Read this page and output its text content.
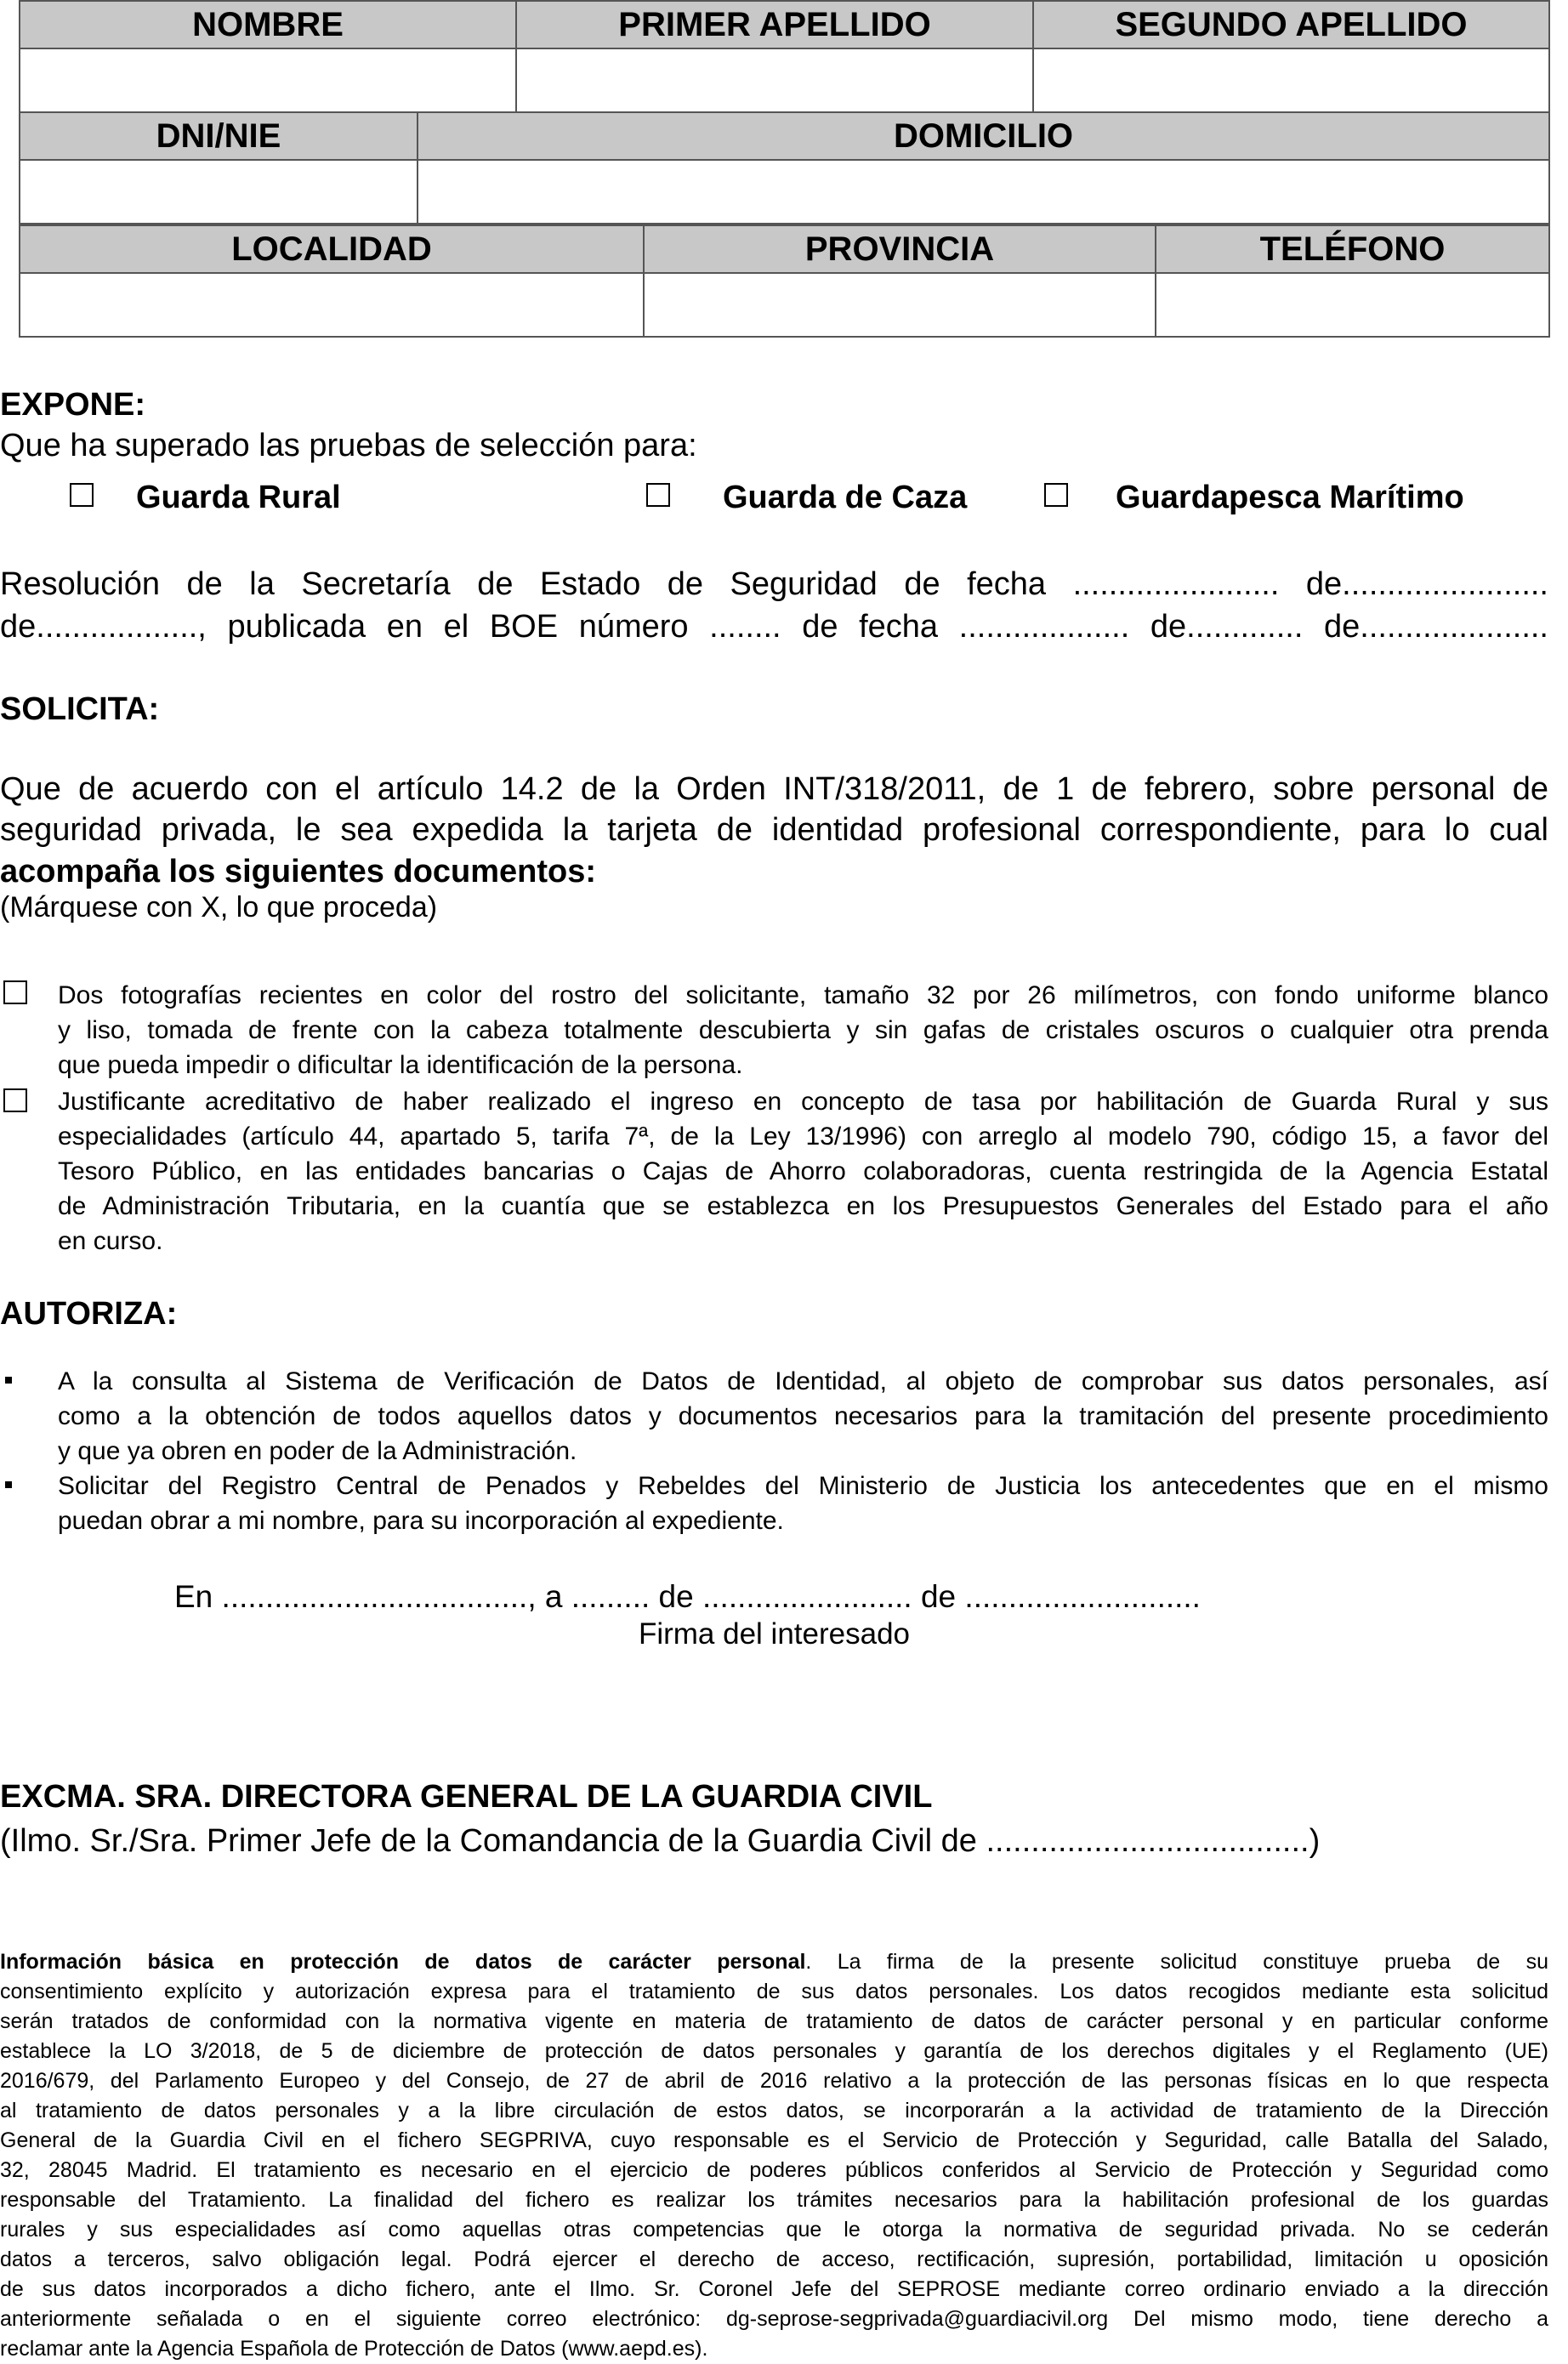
NOMBRE	PRIMER APELLIDO	SEGUNDO APELLIDO

DNI/NIE	DOMICILIO

LOCALIDAD	PROVINCIA	TELÉFONO

EXPONE:
Que ha superado las pruebas de selección para:
Guarda Rural	Guarda de Caza	Guardapesca Marítimo
Resolución de la Secretaría de Estado de Seguridad de fecha ....................... de.......................
de.................., publicada en el BOE número ........ de fecha ................... de............. de.....................
SOLICITA:
Que de acuerdo con el artículo 14.2 de la Orden INT/318/2011, de 1 de febrero, sobre personal de
seguridad privada, le sea expedida la tarjeta de identidad profesional correspondiente, para lo cual
acompaña los siguientes documentos:
(Márquese con X, lo que proceda)
Dos fotografías recientes en color del rostro del solicitante, tamaño 32 por 26 milímetros, con fondo uniforme blanco
y liso, tomada de frente con la cabeza totalmente descubierta y sin gafas de cristales oscuros o cualquier otra prenda
que pueda impedir o dificultar la identificación de la persona.
Justificante acreditativo de haber realizado el ingreso en concepto de tasa por habilitación de Guarda Rural y sus
especialidades (artículo 44, apartado 5, tarifa 7ª, de la Ley 13/1996) con arreglo al modelo 790, código 15, a favor del
Tesoro Público, en las entidades bancarias o Cajas de Ahorro colaboradoras, cuenta restringida de la Agencia Estatal
de Administración Tributaria, en la cuantía que se establezca en los Presupuestos Generales del Estado para el año
en curso.
AUTORIZA:
A la consulta al Sistema de Verificación de Datos de Identidad, al objeto de comprobar sus datos personales, así
como a la obtención de todos aquellos datos y documentos necesarios para la tramitación del presente procedimiento
y que ya obren en poder de la Administración.
Solicitar del Registro Central de Penados y Rebeldes del Ministerio de Justicia los antecedentes que en el mismo
puedan obrar a mi nombre, para su incorporación al expediente.
En ..................................., a ......... de ........................ de ...........................
Firma del interesado
EXCMA. SRA. DIRECTORA GENERAL DE LA GUARDIA CIVIL
(Ilmo. Sr./Sra. Primer Jefe de la Comandancia de la Guardia Civil de ....................................)
Información básica en protección de datos de carácter personal. La firma de la presente solicitud constituye prueba de su
consentimiento explícito y autorización expresa para el tratamiento de sus datos personales. Los datos recogidos mediante esta solicitud
serán tratados de conformidad con la normativa vigente en materia de tratamiento de datos de carácter personal y en particular conforme
establece la LO 3/2018, de 5 de diciembre de protección de datos personales y garantía de los derechos digitales y el Reglamento (UE)
2016/679, del Parlamento Europeo y del Consejo, de 27 de abril de 2016 relativo a la protección de las personas físicas en lo que respecta
al tratamiento de datos personales y a la libre circulación de estos datos, se incorporarán a la actividad de tratamiento de la Dirección
General de la Guardia Civil en el fichero SEGPRIVA, cuyo responsable es el Servicio de Protección y Seguridad, calle Batalla del Salado,
32, 28045 Madrid. El tratamiento es necesario en el ejercicio de poderes públicos conferidos al Servicio de Protección y Seguridad como
responsable del Tratamiento. La finalidad del fichero es realizar los trámites necesarios para la habilitación profesional de los guardas
rurales y sus especialidades así como aquellas otras competencias que le otorga la normativa de seguridad privada. No se cederán
datos a terceros, salvo obligación legal. Podrá ejercer el derecho de acceso, rectificación, supresión, portabilidad, limitación u oposición
de sus datos incorporados a dicho fichero, ante el Ilmo. Sr. Coronel Jefe del SEPROSE mediante correo ordinario enviado a la dirección
anteriormente señalada o en el siguiente correo electrónico: dg-seprose-segprivada@guardiacivil.org Del mismo modo, tiene derecho a
reclamar ante la Agencia Española de Protección de Datos (www.aepd.es).
